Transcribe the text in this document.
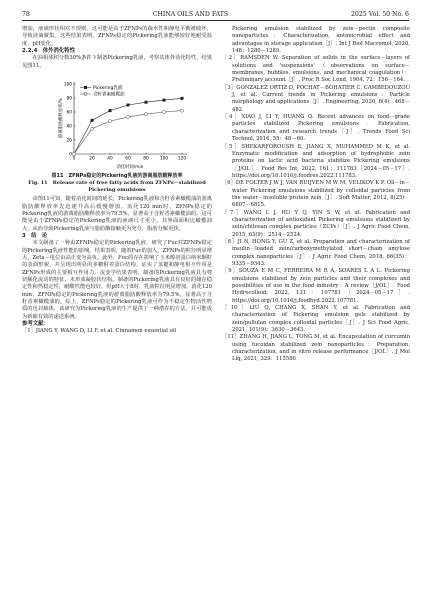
78	CHINA OILS AND FATS	2025 Vol. 50 No. 6

增加，液滴形状相对不规则。这可能是由于ZFNPs的疏水性和静电平衡被破坏，导致液滴聚集。这些结果表明，ZFNPs稳定的Pickering乳液能够较好地耐受温度、pH变化。

2.2.4　体外消化特性

在油相体积分数30%条件下制备Pickering乳液，考察其体外消化特性，结果见图11。

游离脂肪酸释放率/%
消化时间/min
0	20	40	60	80	100 120
0
20
40
60
80
100
Pickering乳液
含籽香素橄榄油

图11　ZFNPs稳定的Pickering乳液的游离脂肪酸释放率

Fig. 11　Release rate of free fatty acids from ZFNPs－stabilized Pickering emulsions

由图11可知，随着消化时间的延长，Pickering乳液和含籽香素橄榄油的游离脂肪酸释放率先迅速升高后缓慢增加。消化120 min时，ZFNPs稳定的Pickering乳液的游离脂肪酸释放率为79.5%，显著高于含籽香素橄榄油的。这可能是由于ZFNPs稳定的Pickering乳液的液滴尺寸更小，其界面面积比橄榄油大，从而导致Pickering乳液与脂肪酶接触更为充分，脂肪分解更快。

3　结　论

本文制备了一种由ZFNPs稳定的Pickering乳液，研究了Fuc对ZFNPs稳定的Pickering乳液性能的影响。结果表明，随着Fuc的加入，ZFNPs的粒径明显增大，Zeta－电位由高正变为高负。此外，Fuc的存在影响了玉米醇溶蛋白纳米颗粒的表面形貌，并呈现出明显的多糖附着蛋白结构，证实了氢键和静电相互作用是ZFNPs形成的主要相互作用力。流变学结果表明，制备的Pickering乳液具有剪切稀化流动的特征，未形成凝胶状结构。制备的Pickering乳液具有良好的储存稳定性和热稳定性，耐酸性能也较好，但pH大于8时，乳液粒径明显增加。消化120 min，ZFNPs稳定的Pickering乳液的游离脂肪酸释放率为79.5%，显著高于含籽香素橄榄油的。综上，ZFNPs稳定的Pickering乳液可作为不稳定生物活性物质的包封载体，该研究为Pickering乳液的生产提供了一种潜在的方法，并可能成为新颖有效的递送系统。

参考文献：

［1］JIANG Y, WANG D, LI F, et al. Cinnamon essential oil

Pickering emulsion stabilized by zein－pectin composite nanoparticles：Characterization, antimicrobial effect and advantages in storage application［J］. Int J Biol Macromol, 2020, 148：1280－1289.

［2］RAMSDEN W. Separation of solids in the surface－layers of solutions and 'suspensions'（observations on surface－membranes, bubbles, emulsions, and mechanical coagulation）：Preliminary account［J］. Proc R Soc Lond, 1904, 72：156－164.

［3］GONZALEZ ORTIZ D, POCHAT－BOHATIER C, CAMBEDOUZOU J, et al. Current trends in Pickering emulsions：Particle morphology and applications［J］. Engineering, 2020, 6(4)：468－482.

［4］XIAO J, LI Y, HUANG Q. Recent advances on food－grade particles stabilized Pickering emulsions：Fabrication, characterization and research trends［J］. Trends Food Sci Technol, 2016, 55：48－60.

［5］SHEKARFOROUSH E, JIANG X, MUHAMMED M K, et al. Enzymatic modification and adsorption of hydrophobic zein proteins on lactic acid bacteria stabilize Pickering emulsions［J/OL］. Food Res Int, 2022, 161：111783［2024－05－17］. https://doi.org/10.1016/j.foodres.2022.111783.

［6］DE FOLTER J W J, VAN RUIJVEN M W M, VELIKOV K P. Oil－in－water Pickering emulsions stabilized by colloidal particles from the water－insoluble protein zein［J］. Soft Matter, 2012, 8(25)：6807－6815.

［7］WANG L J, HU Y Q, YIN S W, et al. Fabrication and characterization of antioxidant Pickering emulsions stabilized by zein/chitosan complex particles（ZCPs）［J］. J Agric Food Chem, 2015, 63(9)：2514－2524.

［8］JI N, HONG Y, GU Z, et al. Preparation and characterization of insulin－loaded zein/carboxymethylated short－chain amylose complex nanoparticles［J］. J Agric Food Chem, 2018, 66(35)：9335－9343.

［9］SOUZA E M C, FERREIRA M R A, SOARES L A L. Pickering emulsions stabilized by zein particles and their complexes and possibilities of use in the food industry：A review［J/OL］. Food Hydrocolloid, 2022, 131：107781［2024－05－17］. https://doi.org/10.1016/j.foodhyd.2022.107781.

［10］LIU Q, CHANG X, SHAN Y, et al. Fabrication and characterization of Pickering emulsion gels stabilized by zein/pullulan complex colloidal particles［J］. J Sci Food Agric, 2021, 101(9)：3630－3643.

［11］ZHANG H, JIANG L, TONG M, et al. Encapsulation of curcumin using fucoidan stabilized zein nanoparticles：Preparation, characterization, and in vitro release performance［J/OL］. J Mol Liq, 2021, 329：115586
